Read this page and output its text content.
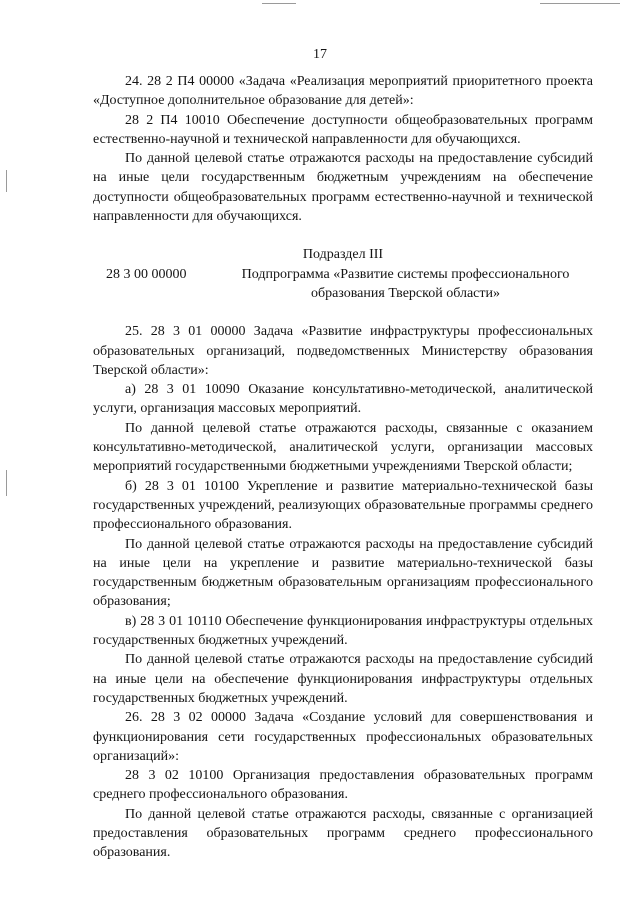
17

24. 28 2 П4 00000 «Задача «Реализация мероприятий приоритетного проекта «Доступное дополнительное образование для детей»:

28 2 П4 10010 Обеспечение доступности общеобразовательных программ естественно-научной и технической направленности для обучающихся.

По данной целевой статье отражаются расходы на предоставление субсидий на иные цели государственным бюджетным учреждениям на обеспечение доступности общеобразовательных программ естественно-научной и технической направленности для обучающихся.

Подраздел III
28 3 00 00000	Подпрограмма «Развитие системы профессионального образования Тверской области»

25. 28 3 01 00000 Задача «Развитие инфраструктуры профессиональных образовательных организаций, подведомственных Министерству образования Тверской области»:

а) 28 3 01 10090 Оказание консультативно-методической, аналитической услуги, организация массовых мероприятий.

По данной целевой статье отражаются расходы, связанные с оказанием консультативно-методической, аналитической услуги, организации массовых мероприятий государственными бюджетными учреждениями Тверской области;

б) 28 3 01 10100 Укрепление и развитие материально-технической базы государственных учреждений, реализующих образовательные программы среднего профессионального образования.

По данной целевой статье отражаются расходы на предоставление субсидий на иные цели на укрепление и развитие материально-технической базы государственным бюджетным образовательным организациям профессионального образования;

в) 28 3 01 10110 Обеспечение функционирования инфраструктуры отдельных государственных бюджетных учреждений.

По данной целевой статье отражаются расходы на предоставление субсидий на иные цели на обеспечение функционирования инфраструктуры отдельных государственных бюджетных учреждений.

26. 28 3 02 00000 Задача «Создание условий для совершенствования и функционирования сети государственных профессиональных образовательных организаций»:

28 3 02 10100 Организация предоставления образовательных программ среднего профессионального образования.

По данной целевой статье отражаются расходы, связанные с организацией предоставления образовательных программ среднего профессионального образования.
